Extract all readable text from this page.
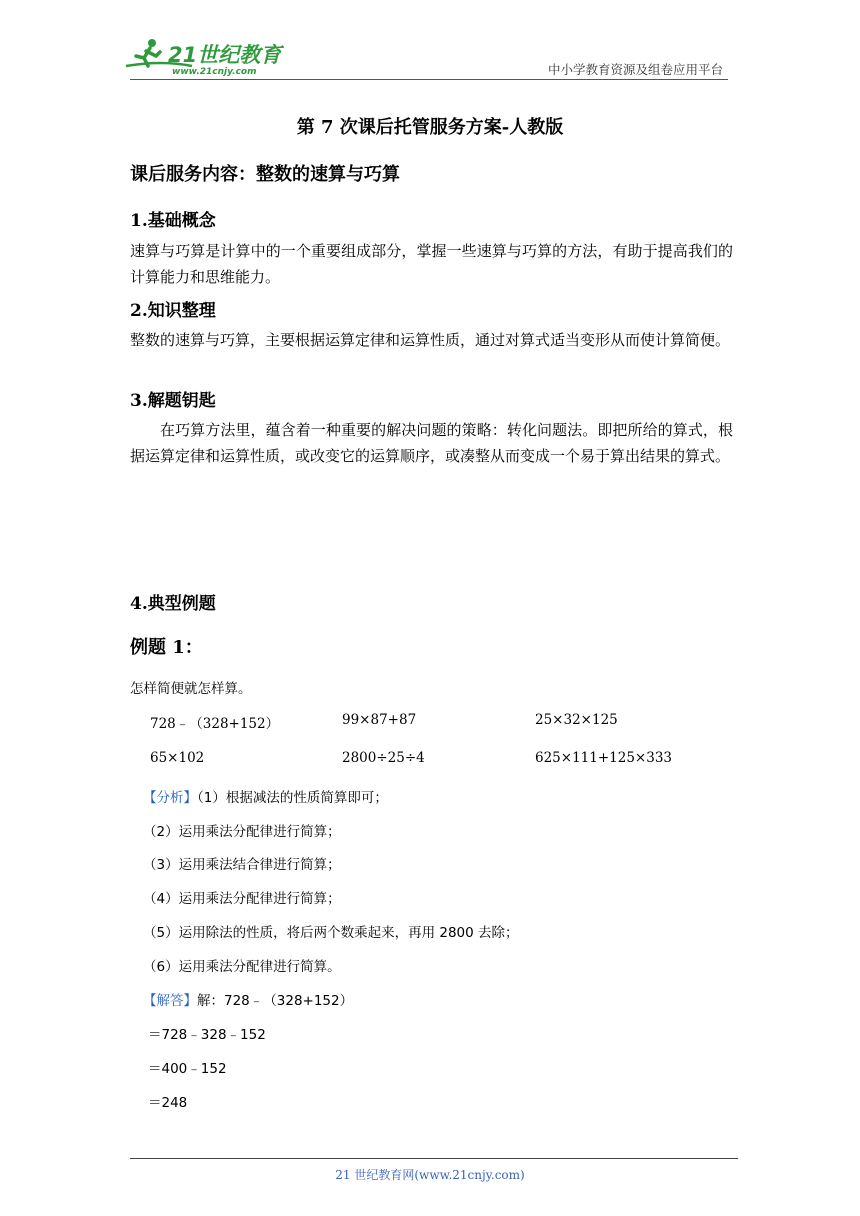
21世纪教育
www.21cnjy.com	中小学教育资源及组卷应用平台
第 7 次课后托管服务方案-人教版
课后服务内容：整数的速算与巧算
1.基础概念
速算与巧算是计算中的一个重要组成部分，掌握一些速算与巧算的方法，有助于提高我们的计算能力和思维能力。
2.知识整理
整数的速算与巧算，主要根据运算定律和运算性质，通过对算式适当变形从而使计算简便。
3.解题钥匙
在巧算方法里，蕴含着一种重要的解决问题的策略：转化问题法。即把所给的算式，根据运算定律和运算性质，或改变它的运算顺序，或凑整从而变成一个易于算出结果的算式。
4.典型例题
例题 1：
怎样简便就怎样算。
728﹣（328+152）	99×87+87	25×32×125
65×102	2800÷25÷4	625×111+125×333
【分析】（1）根据减法的性质简算即可；
（2）运用乘法分配律进行简算；
（3）运用乘法结合律进行简算；
（4）运用乘法分配律进行简算；
（5）运用除法的性质，将后两个数乘起来，再用 2800 去除；
（6）运用乘法分配律进行简算。
【解答】解：728﹣（328+152）
＝728﹣328﹣152
＝400﹣152
＝248
21 世纪教育网(www.21cnjy.com)
